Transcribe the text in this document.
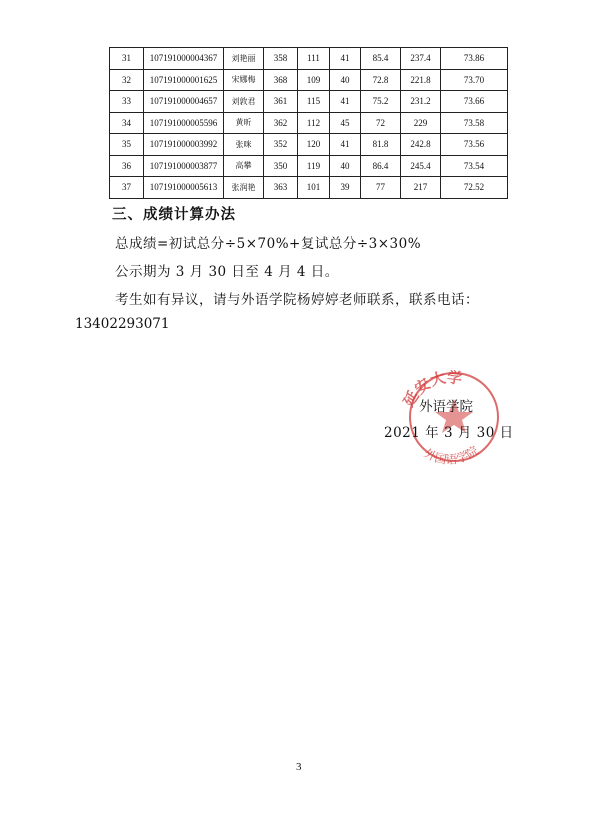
31	107191000004367	刘艳丽	358	111	41	85.4	237.4	73.86
32	107191000001625	宋娜梅	368	109	40	72.8	221.8	73.70
33	107191000004657	刘敦君	361	115	41	75.2	231.2	73.66
34	107191000005596	黄昕	362	112	45	72	229	73.58
35	107191000003992	张咪	352	120	41	81.8	242.8	73.56
36	107191000003877	高攀	350	119	40	86.4	245.4	73.54
37	107191000005613	张润艳	363	101	39	77	217	72.52
三、成绩计算办法
总成绩=初试总分÷5×70%+复试总分÷3×30%
公示期为 3 月 30 日至 4 月 4 日。
考生如有异议，请与外语学院杨婷婷老师联系，联系电话：
13402293071
延安大学
外国语学院
外语学院
2021 年 3 月 30 日
3
